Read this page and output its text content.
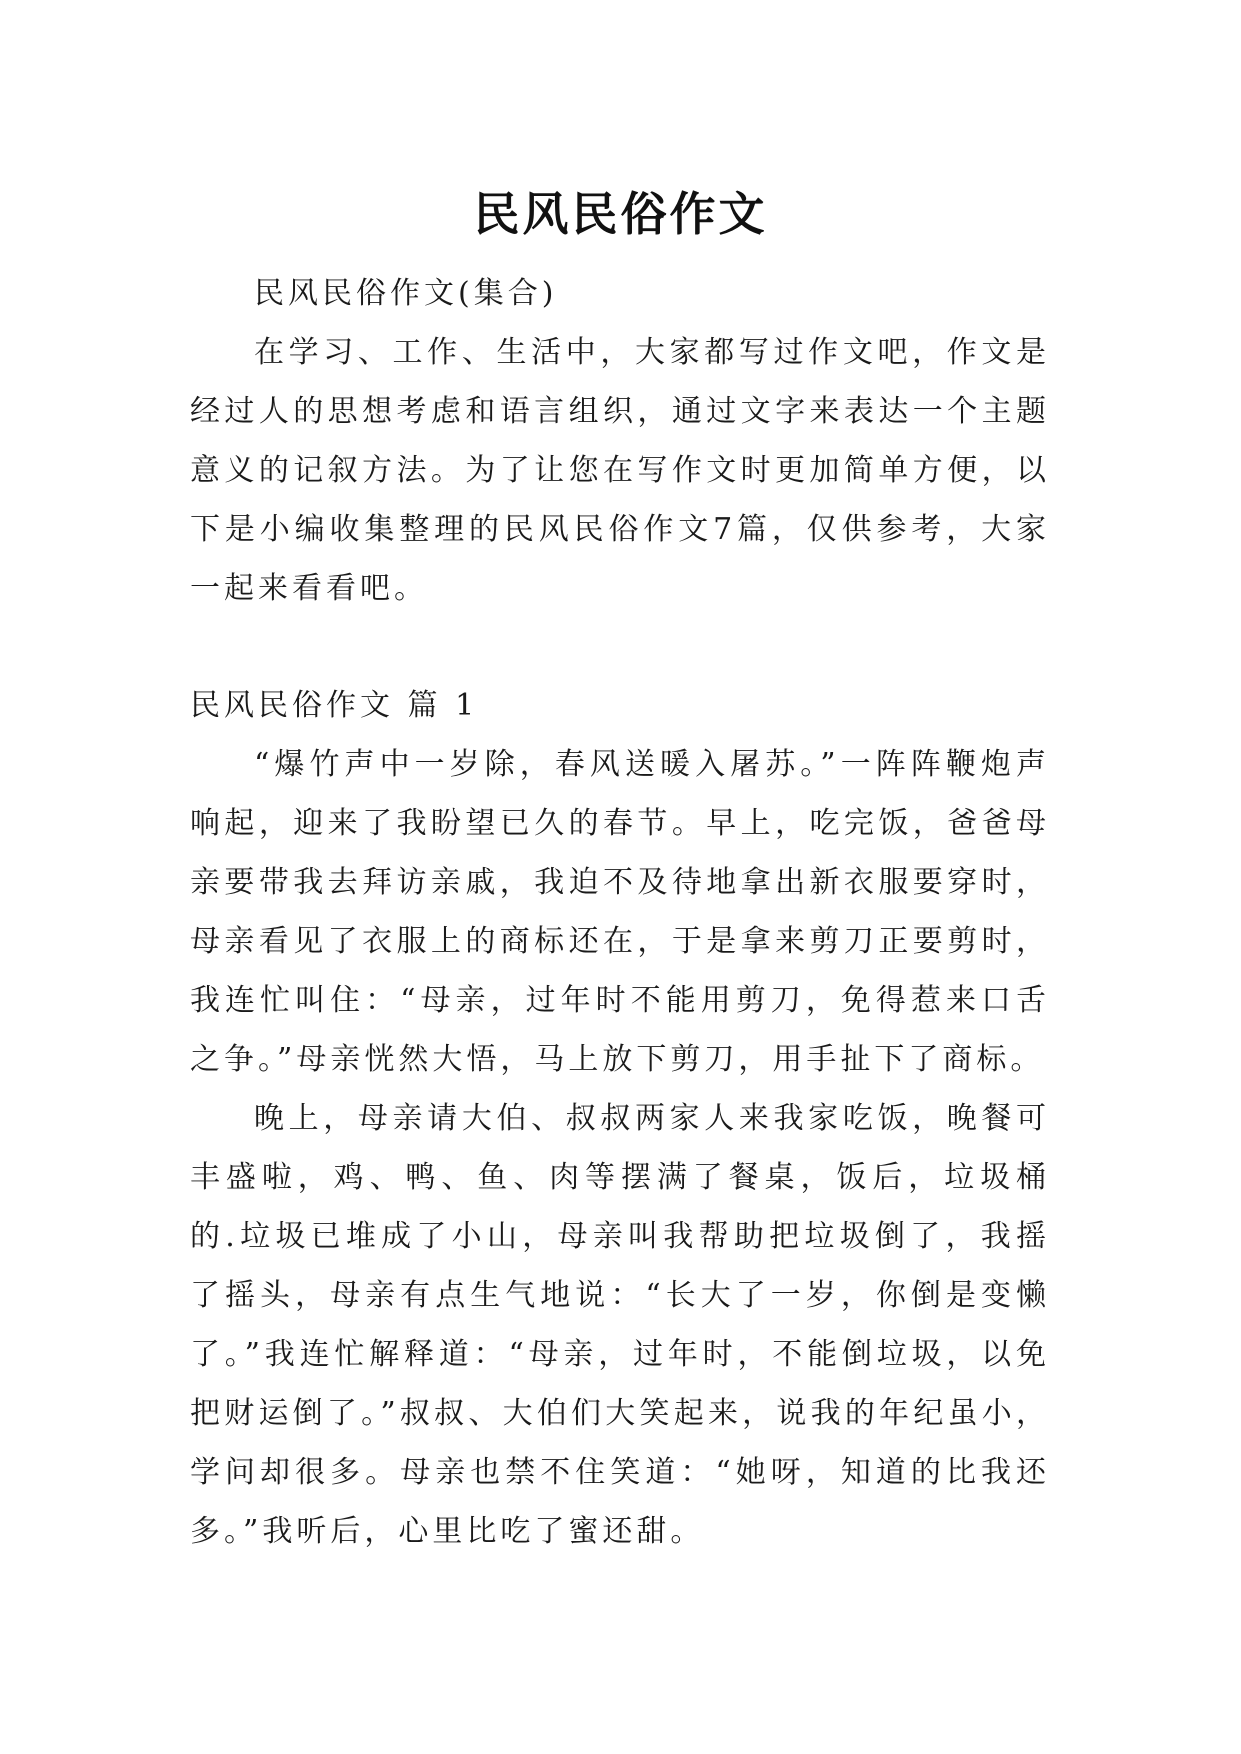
民风民俗作文

民风民俗作文(集合)

在学习、工作、生活中，大家都写过作文吧，作文是经过人的思想考虑和语言组织，通过文字来表达一个主题意义的记叙方法。为了让您在写作文时更加简单方便，以下是小编收集整理的民风民俗作文7篇，仅供参考，大家一起来看看吧。

民风民俗作文 篇 1

“爆竹声中一岁除，春风送暖入屠苏。”一阵阵鞭炮声响起，迎来了我盼望已久的春节。早上，吃完饭，爸爸母亲要带我去拜访亲戚，我迫不及待地拿出新衣服要穿时，母亲看见了衣服上的商标还在，于是拿来剪刀正要剪时，我连忙叫住：“母亲，过年时不能用剪刀，免得惹来口舌之争。”母亲恍然大悟，马上放下剪刀，用手扯下了商标。

晚上，母亲请大伯、叔叔两家人来我家吃饭，晚餐可丰盛啦，鸡、鸭、鱼、肉等摆满了餐桌，饭后，垃圾桶的.垃圾已堆成了小山，母亲叫我帮助把垃圾倒了，我摇了摇头，母亲有点生气地说：“长大了一岁，你倒是变懒了。”我连忙解释道：“母亲，过年时，不能倒垃圾，以免把财运倒了。”叔叔、大伯们大笑起来，说我的年纪虽小，学问却很多。母亲也禁不住笑道：“她呀，知道的比我还多。”我听后，心里比吃了蜜还甜。
